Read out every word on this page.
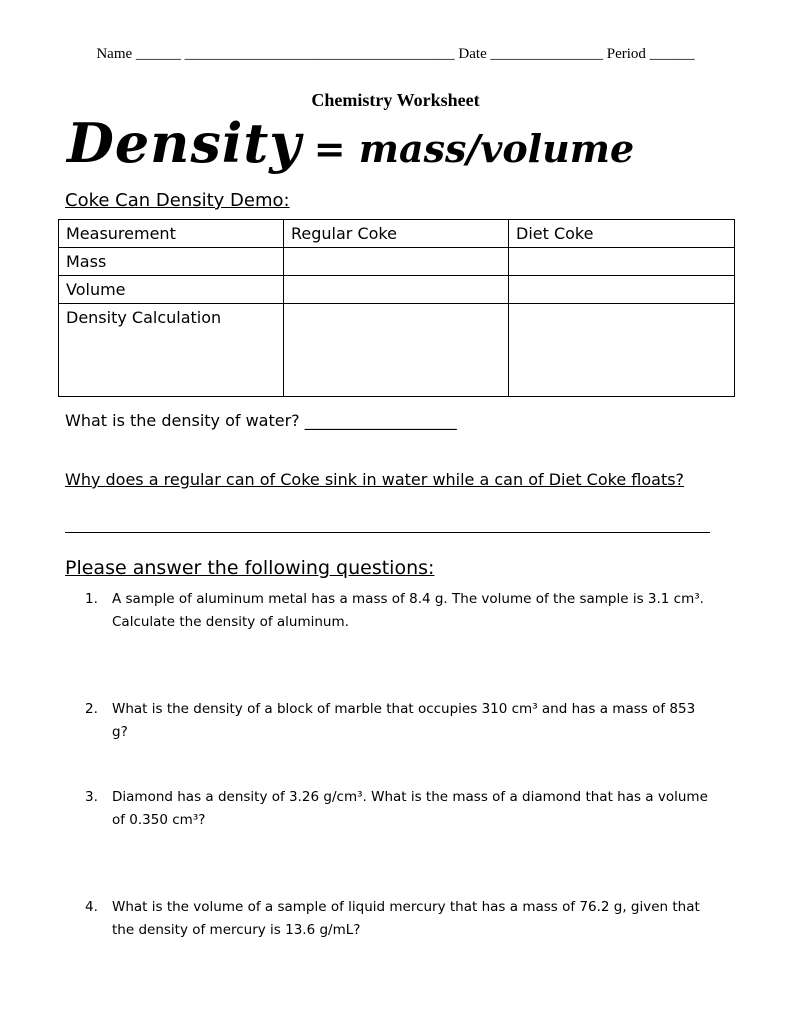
Name ______ ____________________________________ Date _______________ Period ______
Chemistry Worksheet
Density = mass/volume
Coke Can Density Demo:
Measurement	Regular Coke	Diet Coke
Mass		
Volume		
Density Calculation		
What is the density of water? ___________________
Why does a regular can of Coke sink in water while a can of Diet Coke floats?
Please answer the following questions:
1.	A sample of aluminum metal has a mass of 8.4 g. The volume of the sample is 3.1 cm³. Calculate the density of aluminum.
2.	What is the density of a block of marble that occupies 310 cm³ and has a mass of 853 g?
3.	Diamond has a density of 3.26 g/cm³. What is the mass of a diamond that has a volume of 0.350 cm³?
4.	What is the volume of a sample of liquid mercury that has a mass of 76.2 g, given that the density of mercury is 13.6 g/mL?
